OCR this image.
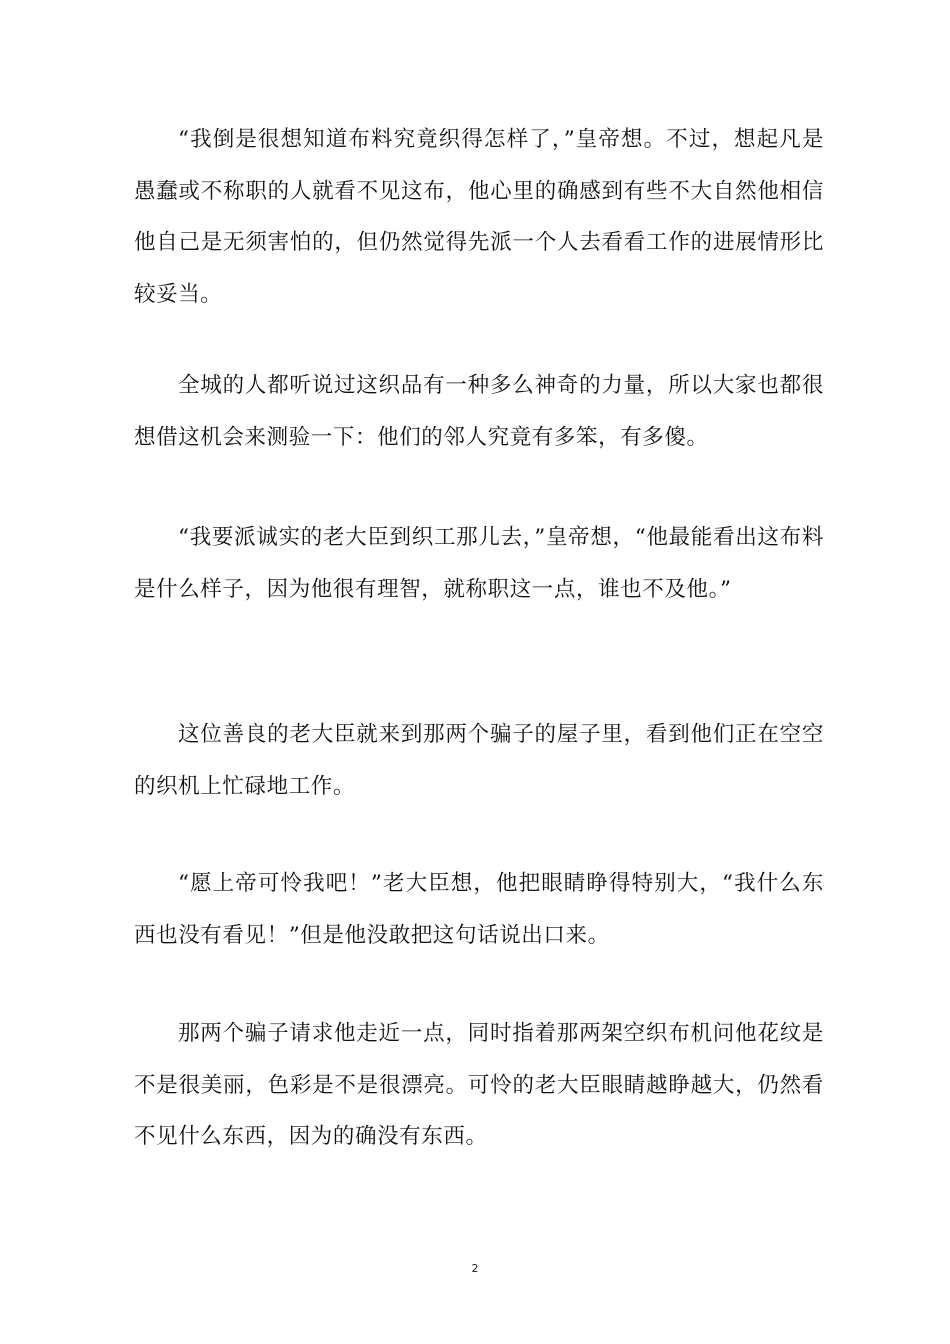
“我倒是很想知道布料究竟织得怎样了，”皇帝想。不过，想起凡是愚蠢或不称职的人就看不见这布，他心里的确感到有些不大自然他相信他自己是无须害怕的，但仍然觉得先派一个人去看看工作的进展情形比较妥当。

全城的人都听说过这织品有一种多么神奇的力量，所以大家也都很想借这机会来测验一下：他们的邻人究竟有多笨，有多傻。

“我要派诚实的老大臣到织工那儿去，”皇帝想，“他最能看出这布料是什么样子，因为他很有理智，就称职这一点，谁也不及他。”

这位善良的老大臣就来到那两个骗子的屋子里，看到他们正在空空的织机上忙碌地工作。

“愿上帝可怜我吧！”老大臣想，他把眼睛睁得特别大，“我什么东西也没有看见！”但是他没敢把这句话说出口来。

那两个骗子请求他走近一点，同时指着那两架空织布机问他花纹是不是很美丽，色彩是不是很漂亮。可怜的老大臣眼睛越睁越大，仍然看不见什么东西，因为的确没有东西。

2
